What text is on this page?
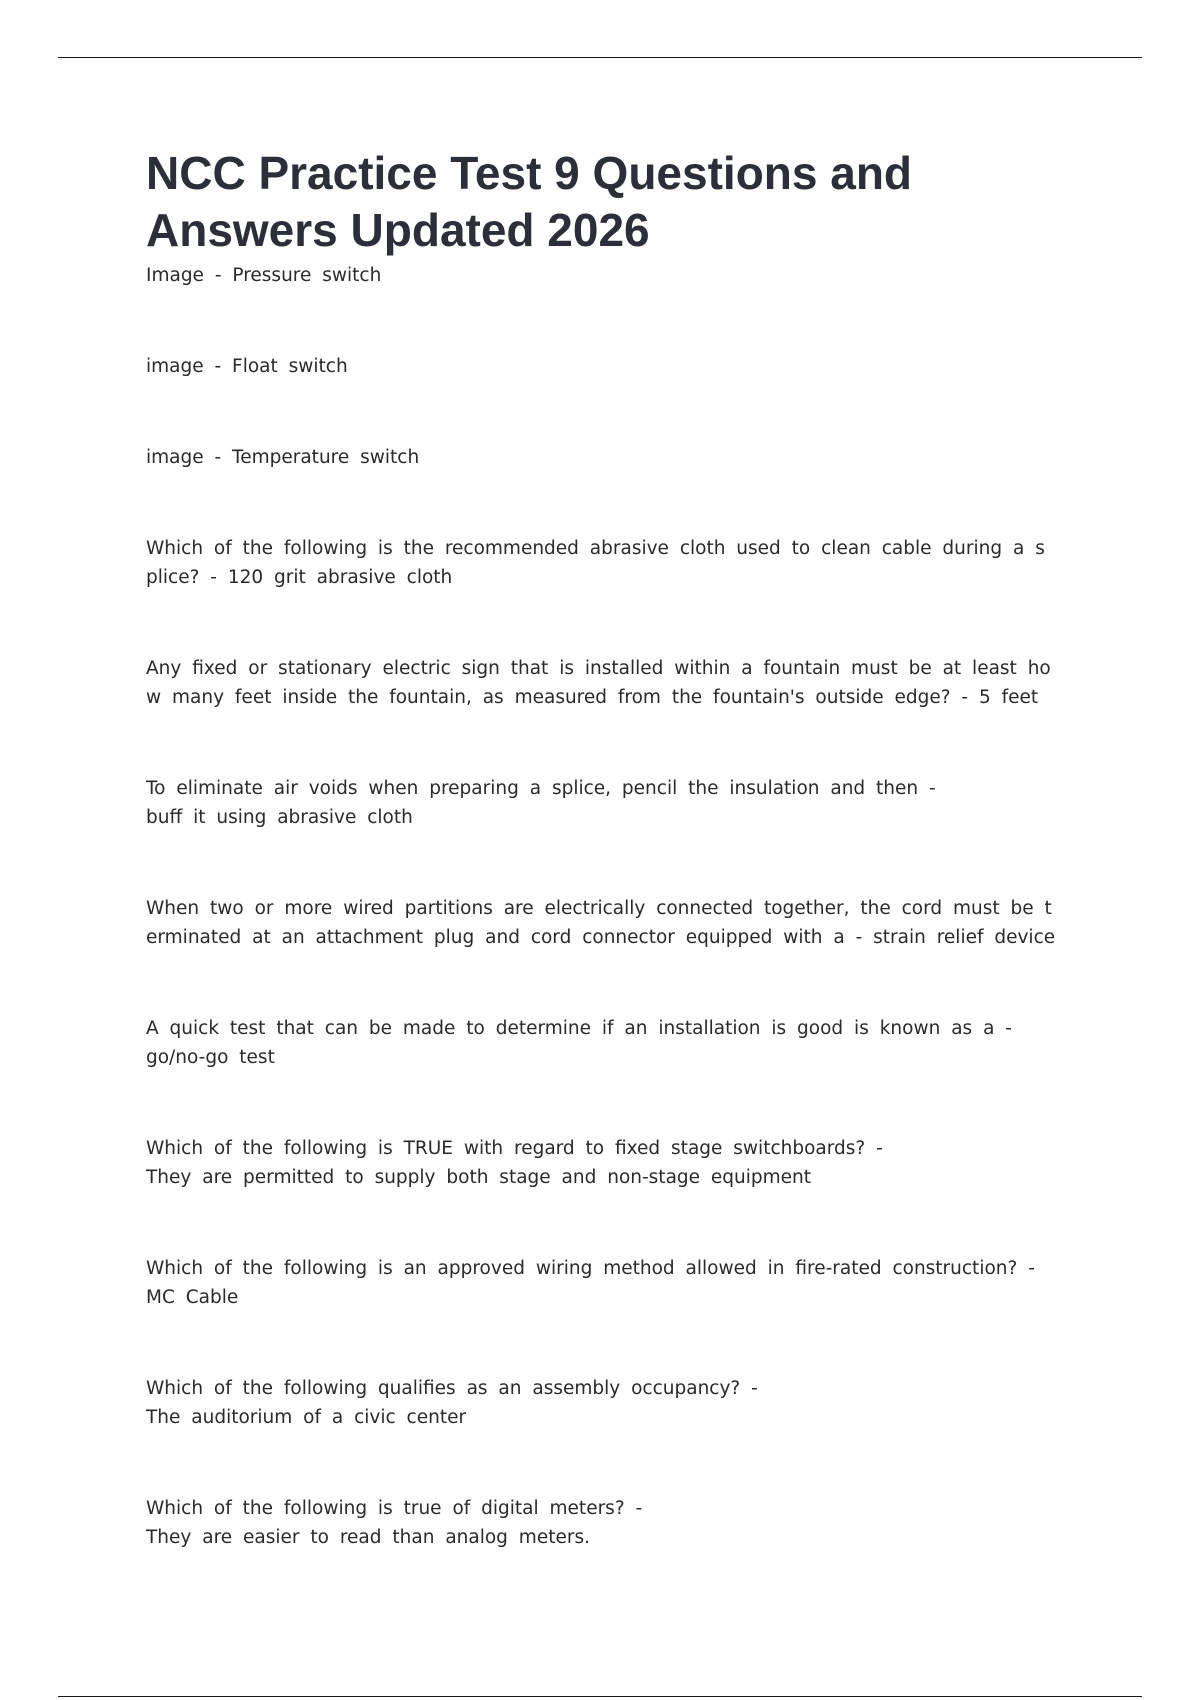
NCC Practice Test 9 Questions and Answers Updated 2026
Image - Pressure switch
image - Float switch
image - Temperature switch
Which of the following is the recommended abrasive cloth used to clean cable during a s
plice? - 120 grit abrasive cloth
Any fixed or stationary electric sign that is installed within a fountain must be at least ho
w many feet inside the fountain, as measured from the fountain's outside edge? - 5 feet
To eliminate air voids when preparing a splice, pencil the insulation and then -
buff it using abrasive cloth
When two or more wired partitions are electrically connected together, the cord must be t
erminated at an attachment plug and cord connector equipped with a - strain relief device
A quick test that can be made to determine if an installation is good is known as a -
go/no-go test
Which of the following is TRUE with regard to fixed stage switchboards? -
They are permitted to supply both stage and non-stage equipment
Which of the following is an approved wiring method allowed in fire-rated construction? -
MC Cable
Which of the following qualifies as an assembly occupancy? -
The auditorium of a civic center
Which of the following is true of digital meters? -
They are easier to read than analog meters.
